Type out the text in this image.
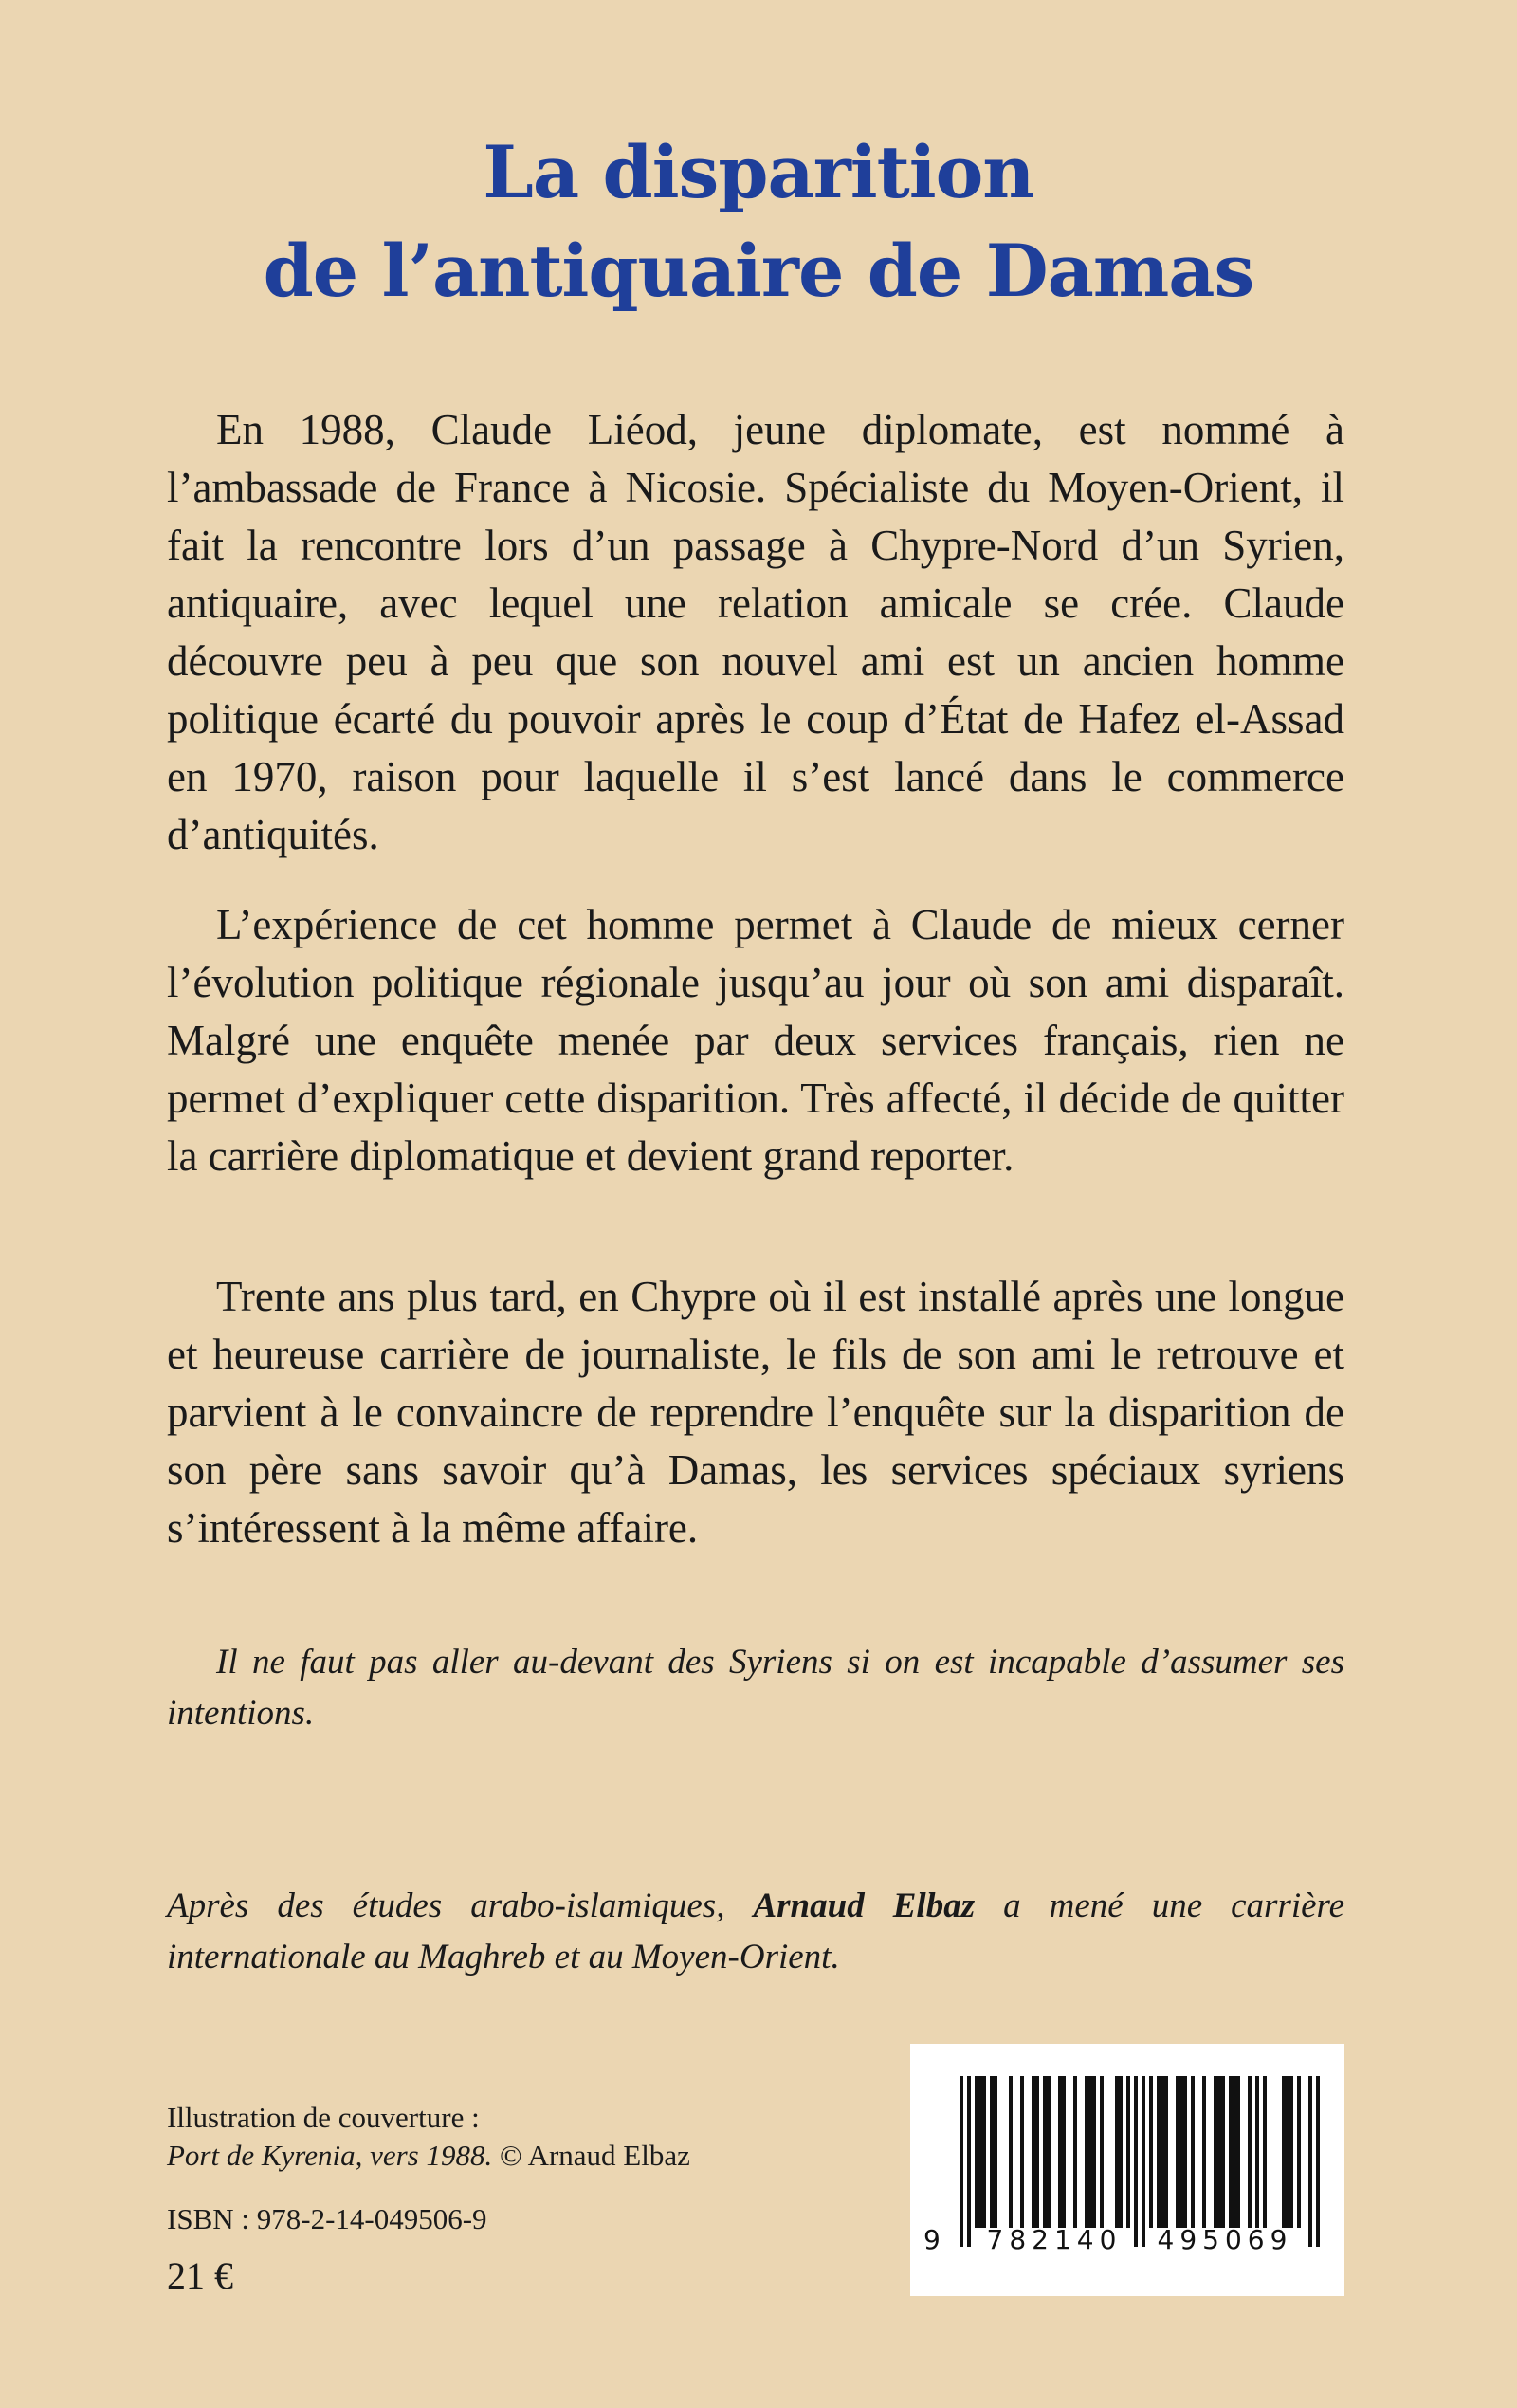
La disparition
de l’antiquaire de Damas

En 1988, Claude Liéod, jeune diplomate, est nommé à l’ambassade de France à Nicosie. Spécialiste du Moyen-Orient, il fait la rencontre lors d’un passage à Chypre-Nord d’un Syrien, antiquaire, avec lequel une relation amicale se crée. Claude découvre peu à peu que son nouvel ami est un ancien homme politique écarté du pouvoir après le coup d’État de Hafez el-Assad en 1970, raison pour laquelle il s’est lancé dans le commerce d’antiquités.

L’expérience de cet homme permet à Claude de mieux cerner l’évolution politique régionale jusqu’au jour où son ami disparaît. Malgré une enquête menée par deux services français, rien ne permet d’expliquer cette disparition. Très affecté, il décide de quitter la carrière diplomatique et devient grand reporter.

Trente ans plus tard, en Chypre où il est installé après une longue et heureuse carrière de journaliste, le fils de son ami le retrouve et parvient à le convaincre de reprendre l’enquête sur la disparition de son père sans savoir qu’à Damas, les services spéciaux syriens s’intéressent à la même affaire.

Il ne faut pas aller au-devant des Syriens si on est incapable d’assumer ses intentions.
Après des études arabo-islamiques, Arnaud Elbaz a mené une carrière internationale au Maghreb et au Moyen-Orient.
Illustration de couverture :
Port de Kyrenia, vers 1988. © Arnaud Elbaz
ISBN : 978-2-14-049506-9
21 €
9	782140	495069
